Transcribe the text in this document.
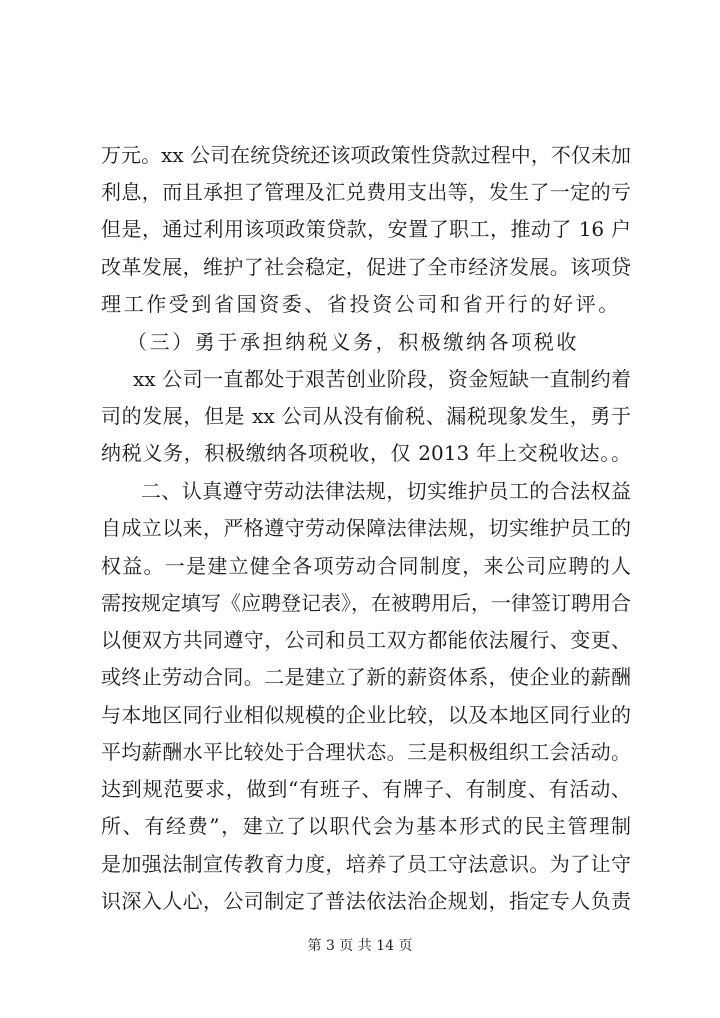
万元。xx 公司在统贷统还该项政策性贷款过程中，不仅未加
利息，而且承担了管理及汇兑费用支出等，发生了一定的亏
但是，通过利用该项政策贷款，安置了职工，推动了 16 户
改革发展，维护了社会稳定，促进了全市经济发展。该项贷
理工作受到省国资委、省投资公司和省开行的好评。
（三）勇于承担纳税义务，积极缴纳各项税收
xx 公司一直都处于艰苦创业阶段，资金短缺一直制约着
司的发展，但是 xx 公司从没有偷税、漏税现象发生，勇于
纳税义务，积极缴纳各项税收，仅 2013 年上交税收达。。
二、认真遵守劳动法律法规，切实维护员工的合法权益
自成立以来，严格遵守劳动保障法律法规，切实维护员工的
权益。一是建立健全各项劳动合同制度，来公司应聘的人
需按规定填写《应聘登记表》，在被聘用后，一律签订聘用合
以便双方共同遵守，公司和员工双方都能依法履行、变更、
或终止劳动合同。二是建立了新的薪资体系，使企业的薪酬
与本地区同行业相似规模的企业比较，以及本地区同行业的
平均薪酬水平比较处于合理状态。三是积极组织工会活动。
达到规范要求，做到“有班子、有牌子、有制度、有活动、
所、有经费”，建立了以职代会为基本形式的民主管理制
是加强法制宣传教育力度，培养了员工守法意识。为了让守
识深入人心，公司制定了普法依法治企规划，指定专人负责
第 3 页 共 14 页
